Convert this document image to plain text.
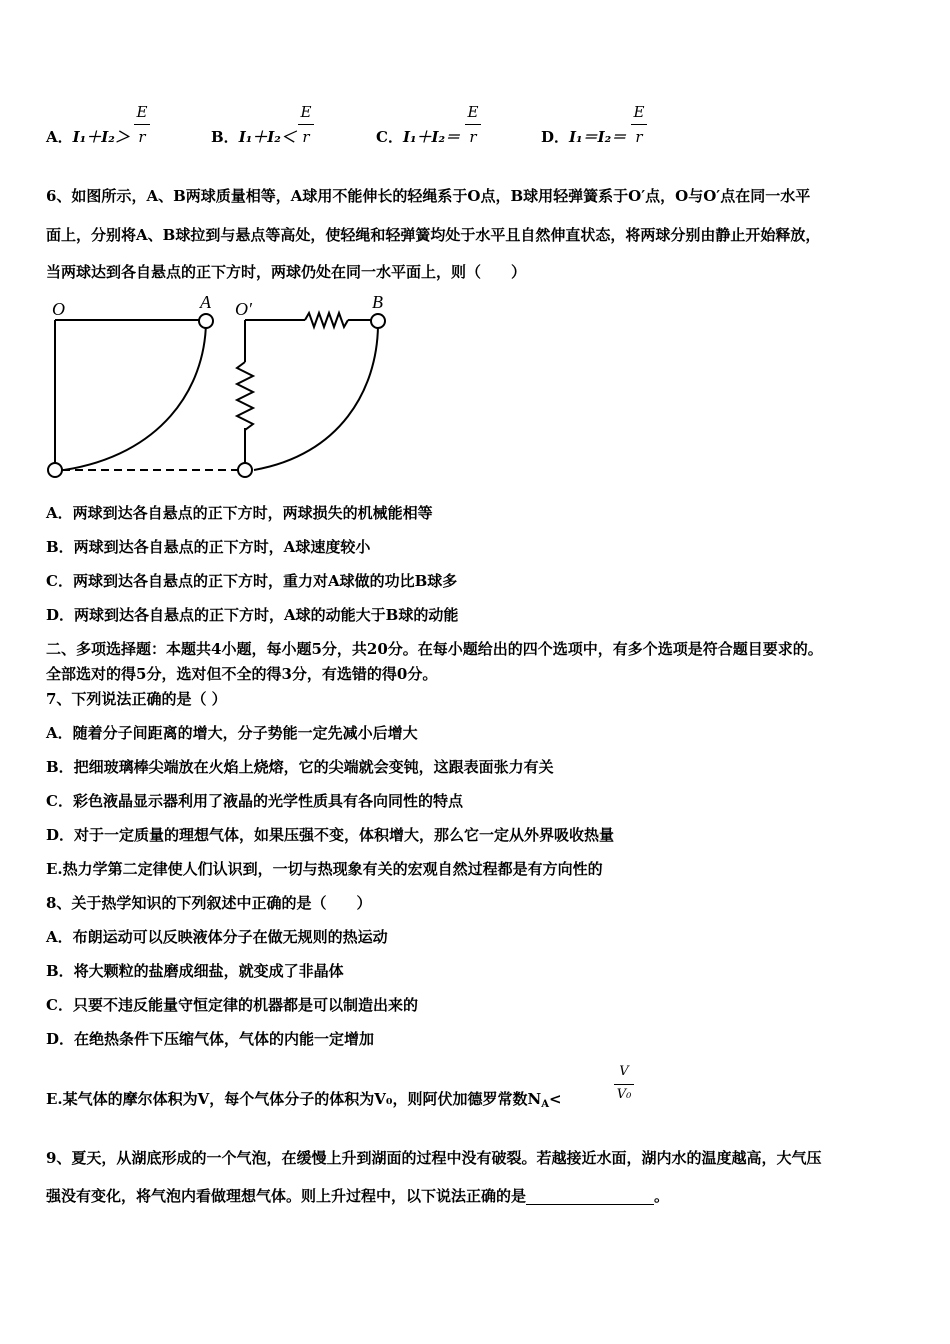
A．I₁＋I₂＞
E
r	B．I₁＋I₂＜
E
r	C．I₁＋I₂＝
E
r	D．I₁＝I₂＝
E
r
6、如图所示，A、B两球质量相等，A球用不能伸长的轻绳系于O点，B球用轻弹簧系于O′点，O与O′点在同一水平
面上，分别将A、B球拉到与悬点等高处，使轻绳和轻弹簧均处于水平且自然伸直状态，将两球分别由静止开始释放，
当两球达到各自悬点的正下方时，两球仍处在同一水平面上，则（　　）
O	A O′	B
A．两球到达各自悬点的正下方时，两球损失的机械能相等
B．两球到达各自悬点的正下方时，A球速度较小
C．两球到达各自悬点的正下方时，重力对A球做的功比B球多
D．两球到达各自悬点的正下方时，A球的动能大于B球的动能
二、多项选择题：本题共4小题，每小题5分，共20分。在每小题给出的四个选项中，有多个选项是符合题目要求的。
全部选对的得5分，选对但不全的得3分，有选错的得0分。
7、下列说法正确的是（ ）
A．随着分子间距离的增大，分子势能一定先减小后增大
B．把细玻璃棒尖端放在火焰上烧熔，它的尖端就会变钝，这跟表面张力有关
C．彩色液晶显示器利用了液晶的光学性质具有各向同性的特点
D．对于一定质量的理想气体，如果压强不变，体积增大，那么它一定从外界吸收热量
E.热力学第二定律使人们认识到，一切与热现象有关的宏观自然过程都是有方向性的
8、关于热学知识的下列叙述中正确的是（　　）
A．布朗运动可以反映液体分子在做无规则的热运动
B．将大颗粒的盐磨成细盐，就变成了非晶体
C．只要不违反能量守恒定律的机器都是可以制造出来的
D．在绝热条件下压缩气体，气体的内能一定增加
E.某气体的摩尔体积为V，每个气体分子的体积为V₀，则阿伏加德罗常数$N_A<$
V
V₀
9、夏天，从湖底形成的一个气泡，在缓慢上升到湖面的过程中没有破裂。若越接近水面，湖内水的温度越高，大气压
强没有变化，将气泡内看做理想气体。则上升过程中，以下说法正确的是	。
